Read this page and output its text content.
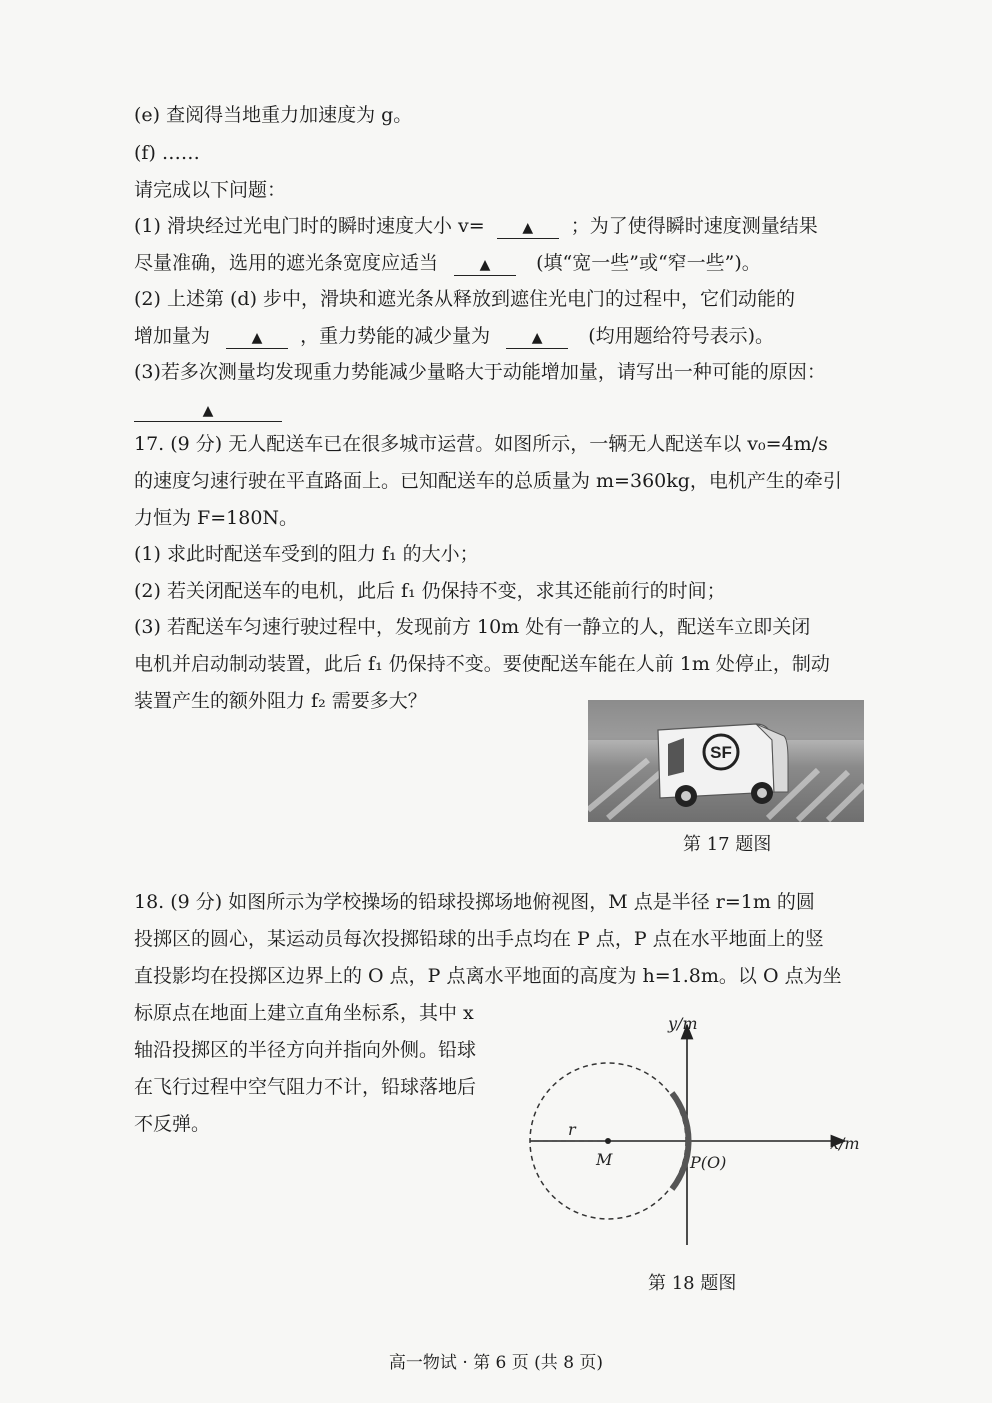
(e) 查阅得当地重力加速度为 g。
(f) ……
请完成以下问题：
(1) 滑块经过光电门时的瞬时速度大小 v=	▲ ；为了使得瞬时速度测量结果
尽量准确，选用的遮光条宽度应适当	▲ (填“宽一些”或“窄一些”)。
(2) 上述第 (d) 步中，滑块和遮光条从释放到遮住光电门的过程中，它们动能的
增加量为	▲ ，重力势能的减少量为	▲ (均用题给符号表示)。
(3)若多次测量均发现重力势能减少量略大于动能增加量，请写出一种可能的原因：
▲
17. (9 分) 无人配送车已在很多城市运营。如图所示，一辆无人配送车以 v₀=4m/s
的速度匀速行驶在平直路面上。已知配送车的总质量为 m=360kg，电机产生的牵引
力恒为 F=180N。
(1) 求此时配送车受到的阻力 f₁ 的大小；
(2) 若关闭配送车的电机，此后 f₁ 仍保持不变，求其还能前行的时间；
(3) 若配送车匀速行驶过程中，发现前方 10m 处有一静立的人，配送车立即关闭
电机并启动制动装置，此后 f₁ 仍保持不变。要使配送车能在人前 1m 处停止，制动
装置产生的额外阻力 f₂ 需要多大？
SF
第 17 题图
18. (9 分) 如图所示为学校操场的铅球投掷场地俯视图，M 点是半径 r=1m 的圆
投掷区的圆心，某运动员每次投掷铅球的出手点均在 P 点，P 点在水平地面上的竖
直投影均在投掷区边界上的 O 点，P 点离水平地面的高度为 h=1.8m。以 O 点为坐
标原点在地面上建立直角坐标系，其中 x
轴沿投掷区的半径方向并指向外侧。铅球
在飞行过程中空气阻力不计，铅球落地后
不反弹。
y/m
x/m
r
M	P(O)
第 18 题图
高一物试 · 第 6 页 (共 8 页)
